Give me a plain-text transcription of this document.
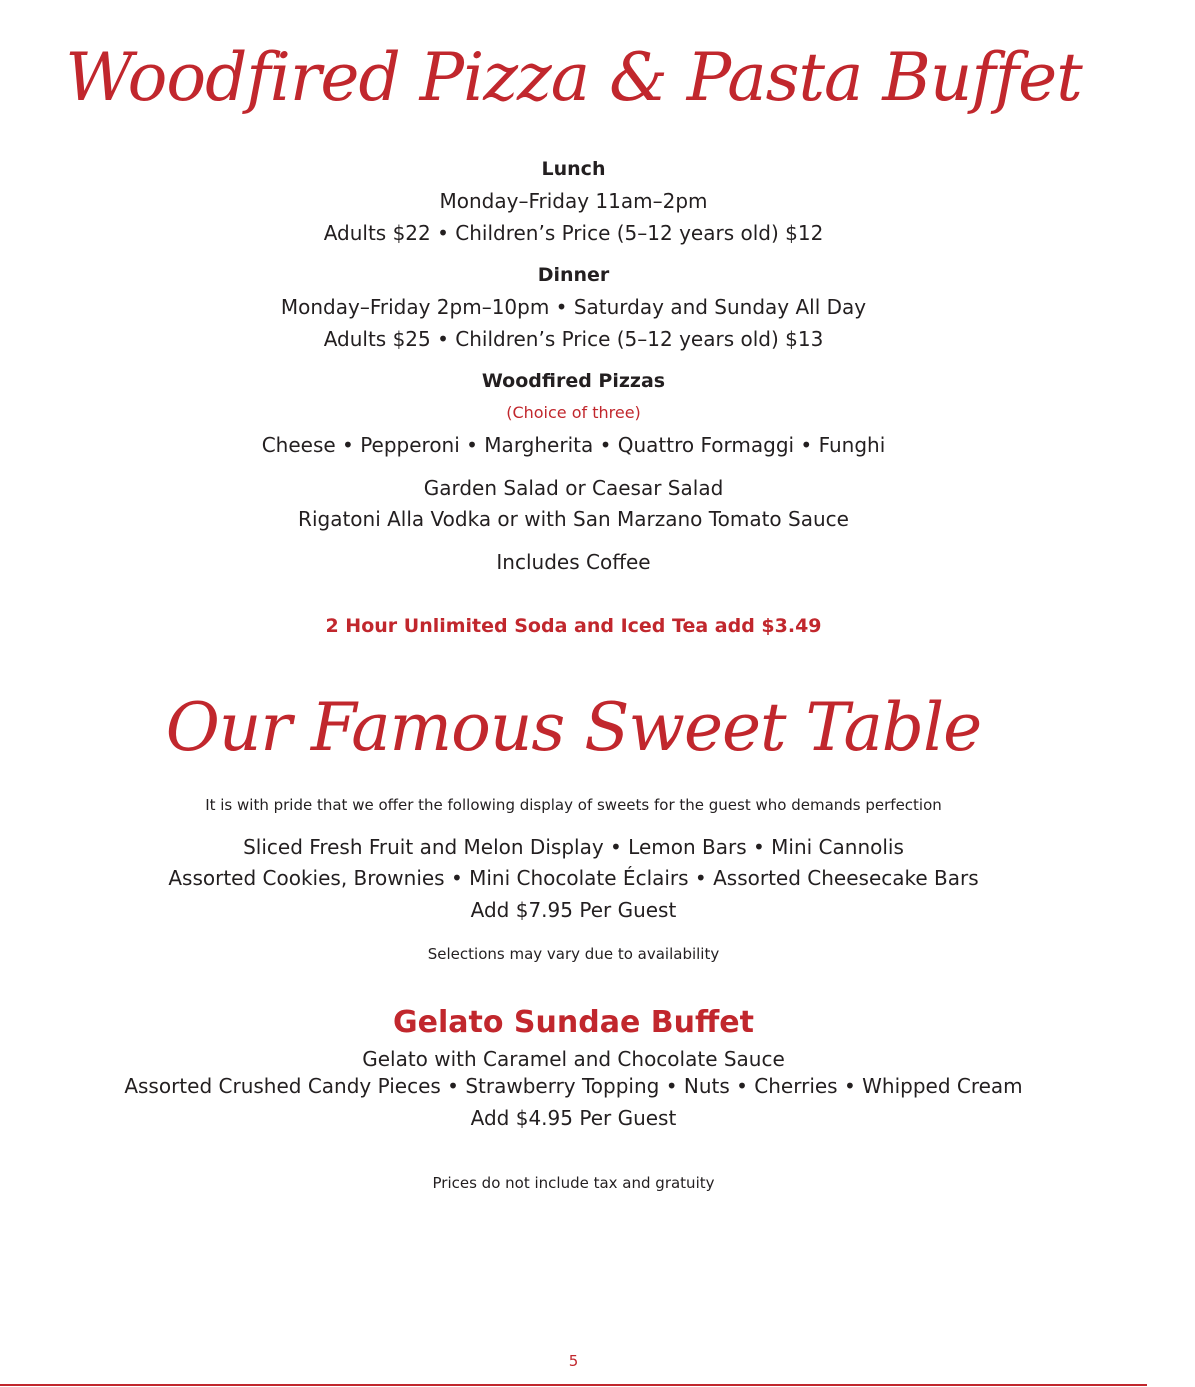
Woodfired Pizza & Pasta Buffet
Lunch
Monday–Friday 11am–2pm
Adults $22 • Children’s Price (5–12 years old) $12
Dinner
Monday–Friday 2pm–10pm • Saturday and Sunday All Day
Adults $25 • Children’s Price (5–12 years old) $13
Woodfired Pizzas
(Choice of three)
Cheese • Pepperoni • Margherita • Quattro Formaggi • Funghi
Garden Salad or Caesar Salad
Rigatoni Alla Vodka or with San Marzano Tomato Sauce
Includes Coffee
2 Hour Unlimited Soda and Iced Tea add $3.49
Our Famous Sweet Table
It is with pride that we offer the following display of sweets for the guest who demands perfection
Sliced Fresh Fruit and Melon Display • Lemon Bars • Mini Cannolis
Assorted Cookies, Brownies • Mini Chocolate Éclairs • Assorted Cheesecake Bars
Add $7.95 Per Guest
Selections may vary due to availability
Gelato Sundae Buffet
Gelato with Caramel and Chocolate Sauce
Assorted Crushed Candy Pieces • Strawberry Topping • Nuts • Cherries • Whipped Cream
Add $4.95 Per Guest
Prices do not include tax and gratuity
5
